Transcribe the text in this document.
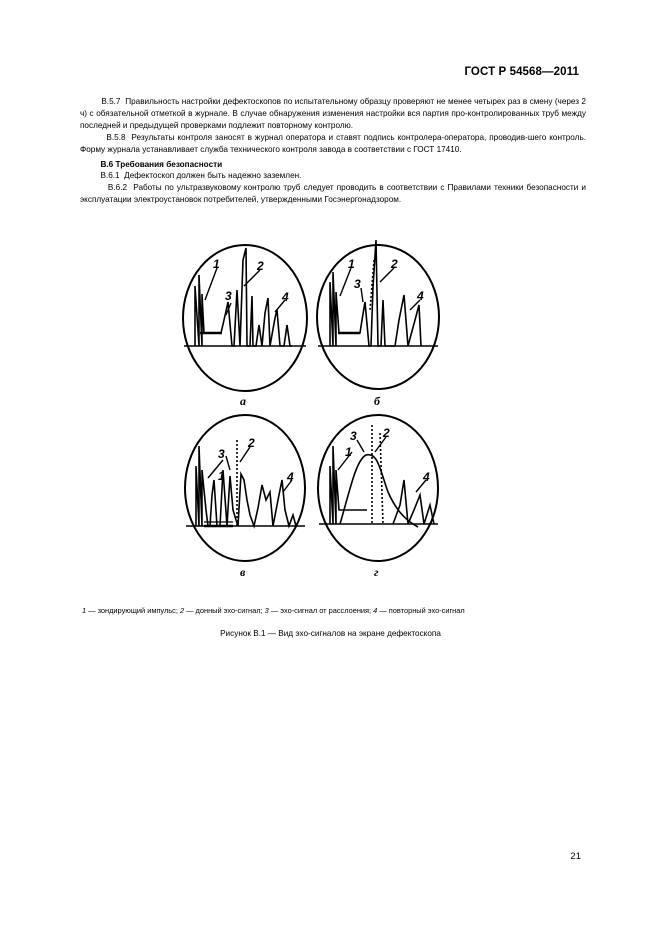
ГОСТ Р 54568—2011

В.5.7 Правильность настройки дефектоскопов по испытательному образцу проверяют не менее четырех раз в смену (через 2 ч) с обязательной отметкой в журнале. В случае обнаружения изменения настройки вся партия про-контролированных труб между последней и предыдущей проверками подлежит повторному контролю.

В.5.8 Результаты контроля заносят в журнал оператора и ставят подпись контролера-оператора, проводив-шего контроль. Форму журнала устанавливает служба технического контроля завода в соответствии с ГОСТ 17410.

В.6 Требования безопасности

В.6.1 Дефектоскоп должен быть надежно заземлен.

В.6.2 Работы по ультразвуковому контролю труб следует проводить в соответствии с Правилами техники безопасности и эксплуатации электроустановок потребителей, утвержденными Госэнергонадзором.

1	2
3	4
1	2
3
4
1
2
3
4
1
2
3
4
а	б
в	г
1 — зондирующий импульс; 2 — донный эхо-сигнал; 3 — эхо-сигнал от расслоения; 4 — повторный эхо-сигнал
Рисунок В.1 — Вид эхо-сигналов на экране дефектоскопа
21
